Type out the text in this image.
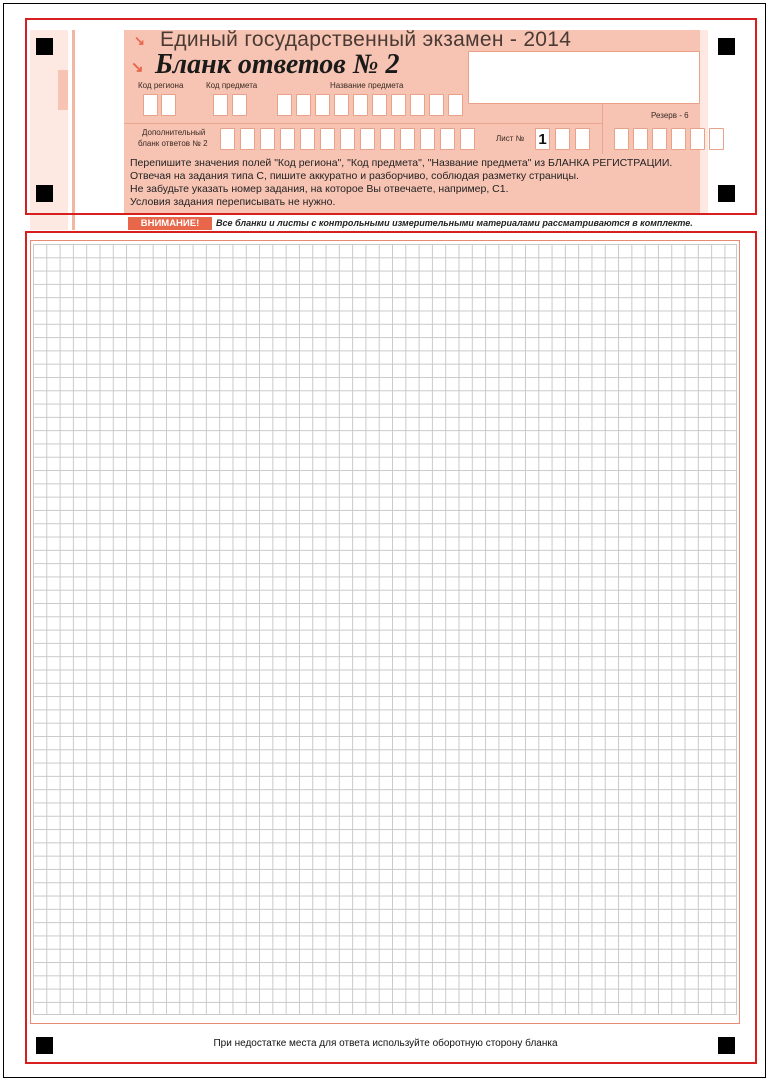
↘ Единый государственный экзамен - 2014
↘ Бланк ответов № 2
Код региона	Код предмета	Название предмета
Дополнительный
бланк ответов № 2
Лист № 1
Резерв - 6
Перепишите значения полей "Код региона", "Код предмета", "Название предмета" из БЛАНКА РЕГИСТРАЦИИ.
Отвечая на задания типа С, пишите аккуратно и разборчиво, соблюдая разметку страницы.
Не забудьте указать номер задания, на которое Вы отвечаете, например, С1.
Условия задания переписывать не нужно.
ВНИМАНИЕ!	Все бланки и листы с контрольными измерительными материалами рассматриваются в комплекте.
При недостатке места для ответа используйте оборотную сторону бланка
